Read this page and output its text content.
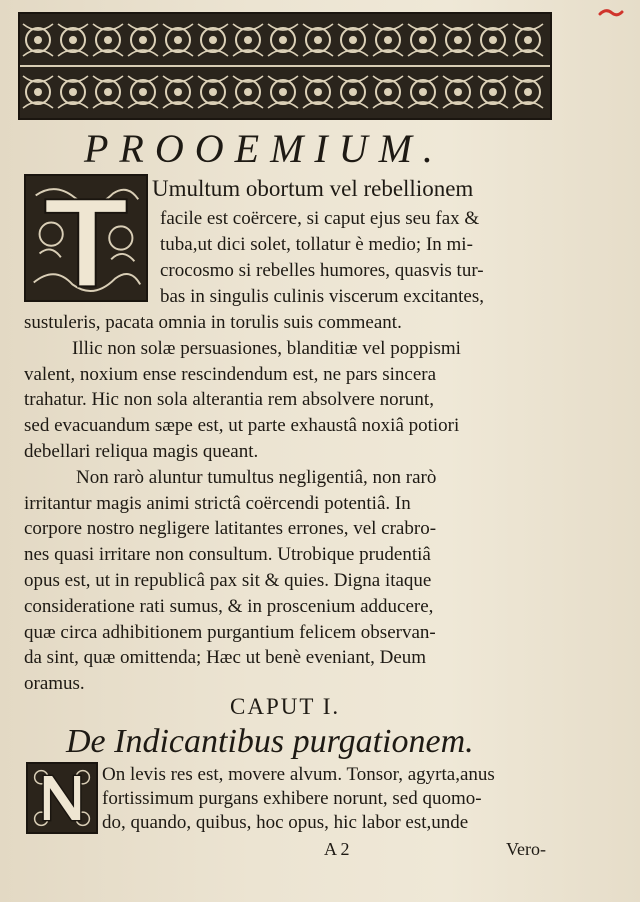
PROOEMIUM.
Umultum obortum vel rebellionem
facile est coërcere, si caput ejus seu fax &
tuba,ut dici solet, tollatur è medio; In mi-
crocosmo si rebelles humores, quasvis tur-
bas in singulis culinis viscerum excitantes,
sustuleris, pacata omnia in torulis suis commeant.
Illic non solæ persuasiones, blanditiæ vel poppismi
valent, noxium ense rescindendum est, ne pars sincera
trahatur. Hic non sola alterantia rem absolvere norunt,
sed evacuandum sæpe est, ut parte exhaustâ noxiâ potiori
debellari reliqua magis queant.
Non rarò aluntur tumultus negligentiâ, non rarò
irritantur magis animi strictâ coërcendi potentiâ. In
corpore nostro negligere latitantes errones, vel crabro-
nes quasi irritare non consultum. Utrobique prudentiâ
opus est, ut in republicâ pax sit & quies. Digna itaque
consideratione rati sumus, & in proscenium adducere,
quæ circa adhibitionem purgantium felicem observan-
da sint, quæ omittenda; Hæc ut benè eveniant, Deum
oramus.
CAPUT I.
De Indicantibus purgationem.
On levis res est, movere alvum. Tonsor, agyrta,anus
fortissimum purgans exhibere norunt, sed quomo-
do, quando, quibus, hoc opus, hic labor est,unde
A 2	Vero-
